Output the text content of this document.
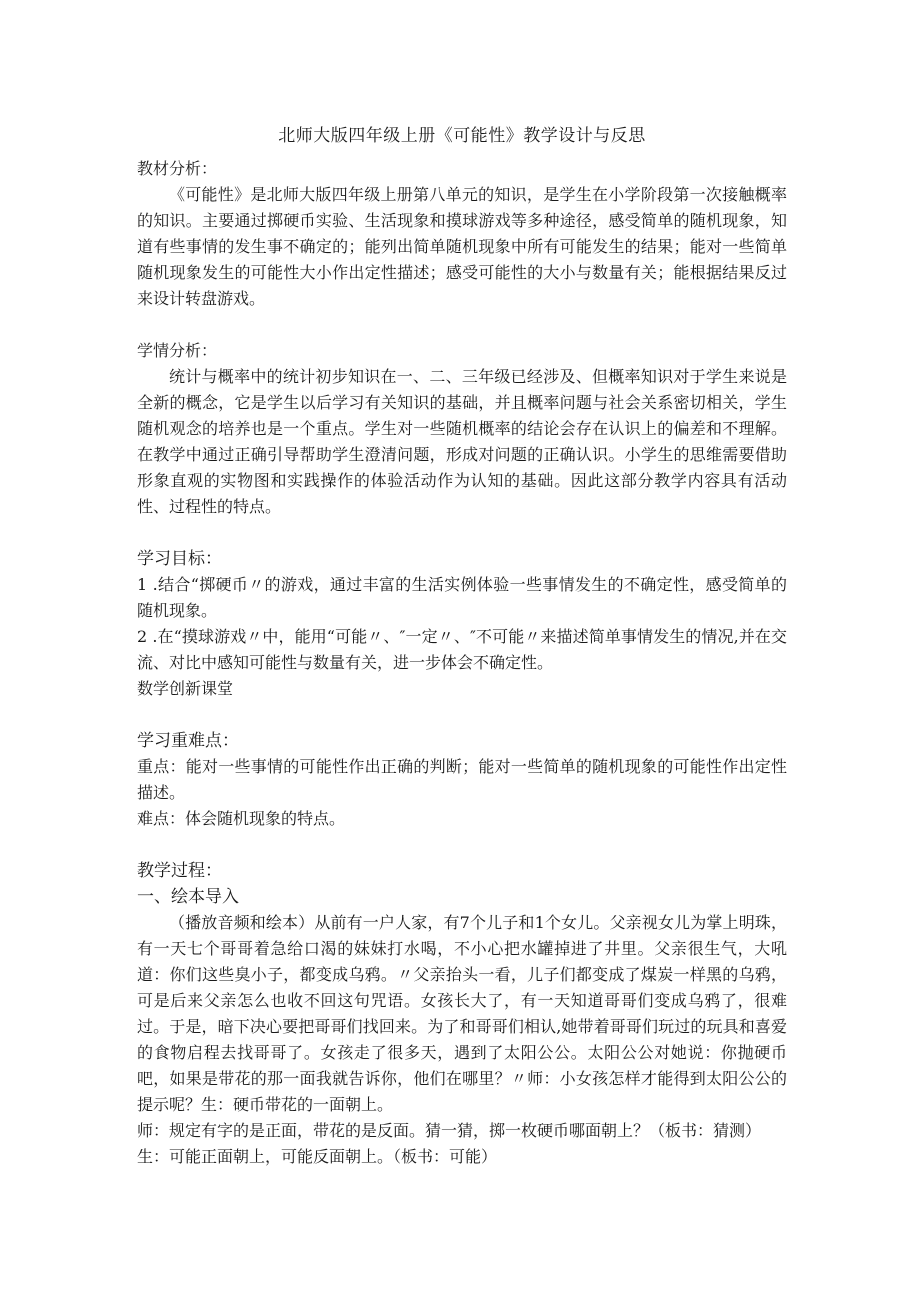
北师大版四年级上册《可能性》教学设计与反思

教材分析：

《可能性》是北师大版四年级上册第八单元的知识，是学生在小学阶段第一次接触概率的知识。主要通过掷硬币实验、生活现象和摸球游戏等多种途径，感受简单的随机现象，知道有些事情的发生事不确定的；能列出简单随机现象中所有可能发生的结果；能对一些简单随机现象发生的可能性大小作出定性描述；感受可能性的大小与数量有关；能根据结果反过来设计转盘游戏。

学情分析：

统计与概率中的统计初步知识在一、二、三年级已经涉及、但概率知识对于学生来说是全新的概念，它是学生以后学习有关知识的基础，并且概率问题与社会关系密切相关，学生随机观念的培养也是一个重点。学生对一些随机概率的结论会存在认识上的偏差和不理解。在教学中通过正确引导帮助学生澄清问题，形成对问题的正确认识。小学生的思维需要借助形象直观的实物图和实践操作的体验活动作为认知的基础。因此这部分教学内容具有活动性、过程性的特点。

学习目标：

1 .结合“掷硬币〃的游戏，通过丰富的生活实例体验一些事情发生的不确定性，感受简单的随机现象。

2 .在“摸球游戏〃中，能用“可能〃、″一定〃、″不可能〃来描述简单事情发生的情况,并在交流、对比中感知可能性与数量有关，进一步体会不确定性。

数学创新课堂

学习重难点：

重点：能对一些事情的可能性作出正确的判断；能对一些简单的随机现象的可能性作出定性描述。

难点：体会随机现象的特点。

教学过程：

一、绘本导入

（播放音频和绘本）从前有一户人家，有7个儿子和1个女儿。父亲视女儿为掌上明珠，有一天七个哥哥着急给口渴的妹妹打水喝，不小心把水罐掉进了井里。父亲很生气，大吼道：你们这些臭小子，都变成乌鸦。〃父亲抬头一看，儿子们都变成了煤炭一样黑的乌鸦，可是后来父亲怎么也收不回这句咒语。女孩长大了，有一天知道哥哥们变成乌鸦了，很难过。于是，暗下决心要把哥哥们找回来。为了和哥哥们相认,她带着哥哥们玩过的玩具和喜爱的食物启程去找哥哥了。女孩走了很多天，遇到了太阳公公。太阳公公对她说：你抛硬币吧，如果是带花的那一面我就告诉你，他们在哪里？〃师：小女孩怎样才能得到太阳公公的提示呢？生：硬币带花的一面朝上。

师：规定有字的是正面，带花的是反面。猜一猜，掷一枚硬币哪面朝上？（板书：猜测）

生：可能正面朝上，可能反面朝上。（板书：可能）
